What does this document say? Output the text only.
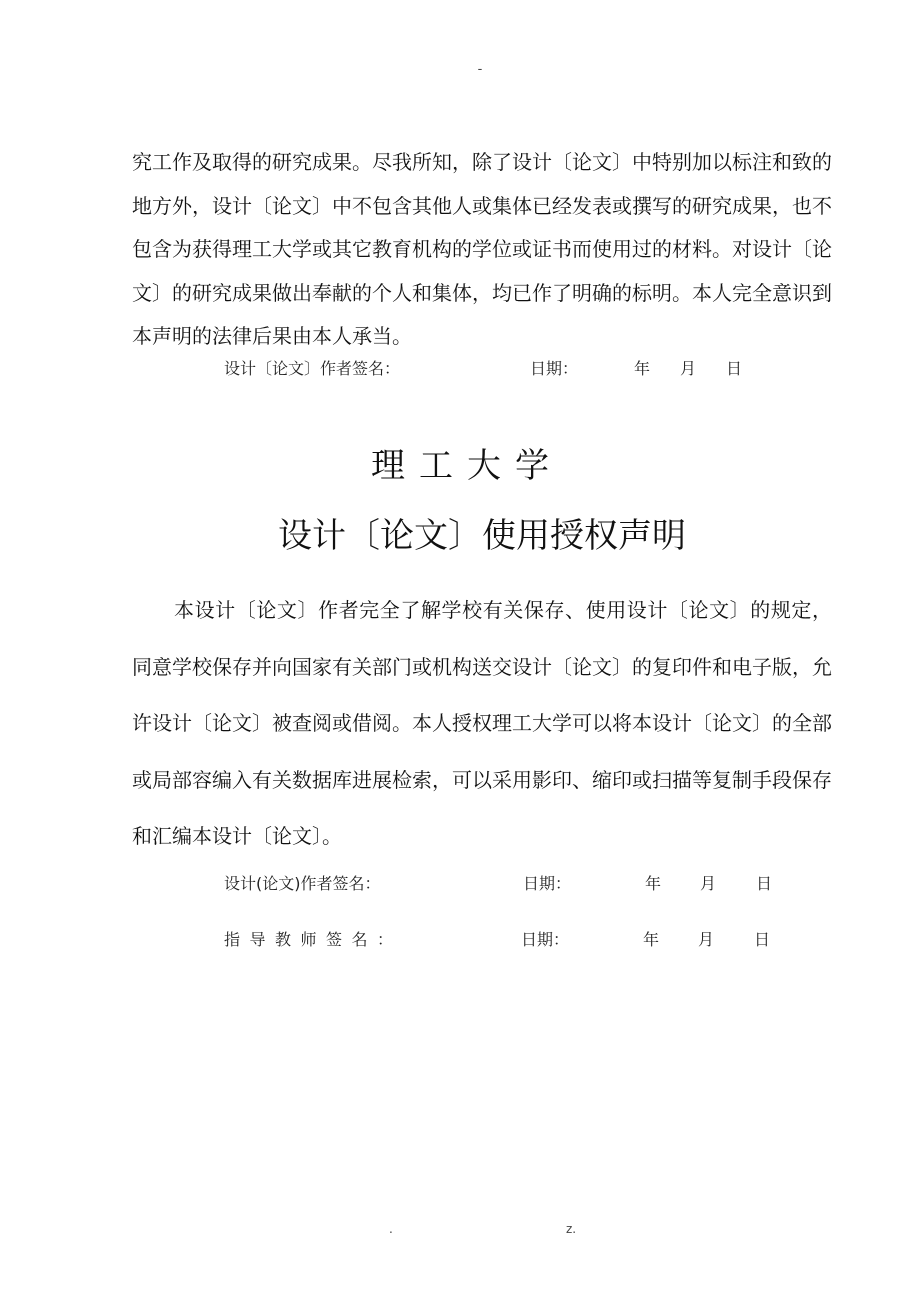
-

究工作及取得的研究成果。尽我所知，除了设计〔论文〕中特别加以标注和致的地方外，设计〔论文〕中不包含其他人或集体已经发表或撰写的研究成果，也不包含为获得理工大学或其它教育机构的学位或证书而使用过的材料。对设计〔论文〕的研究成果做出奉献的个人和集体，均已作了明确的标明。本人完全意识到本声明的法律后果由本人承当。

设计〔论文〕作者签名：	日期：	年 月 日
理工大学
设计〔论文〕使用授权声明

本设计〔论文〕作者完全了解学校有关保存、使用设计〔论文〕的规定，同意学校保存并向国家有关部门或机构送交设计〔论文〕的复印件和电子版，允许设计〔论文〕被查阅或借阅。本人授权理工大学可以将本设计〔论文〕的全部或局部容编入有关数据库进展检索，可以采用影印、缩印或扫描等复制手段保存和汇编本设计〔论文〕。

设计(论文)作者签名：	日期：	年 月 日
指导教师签名：	日期：	年 月 日
.	z.
